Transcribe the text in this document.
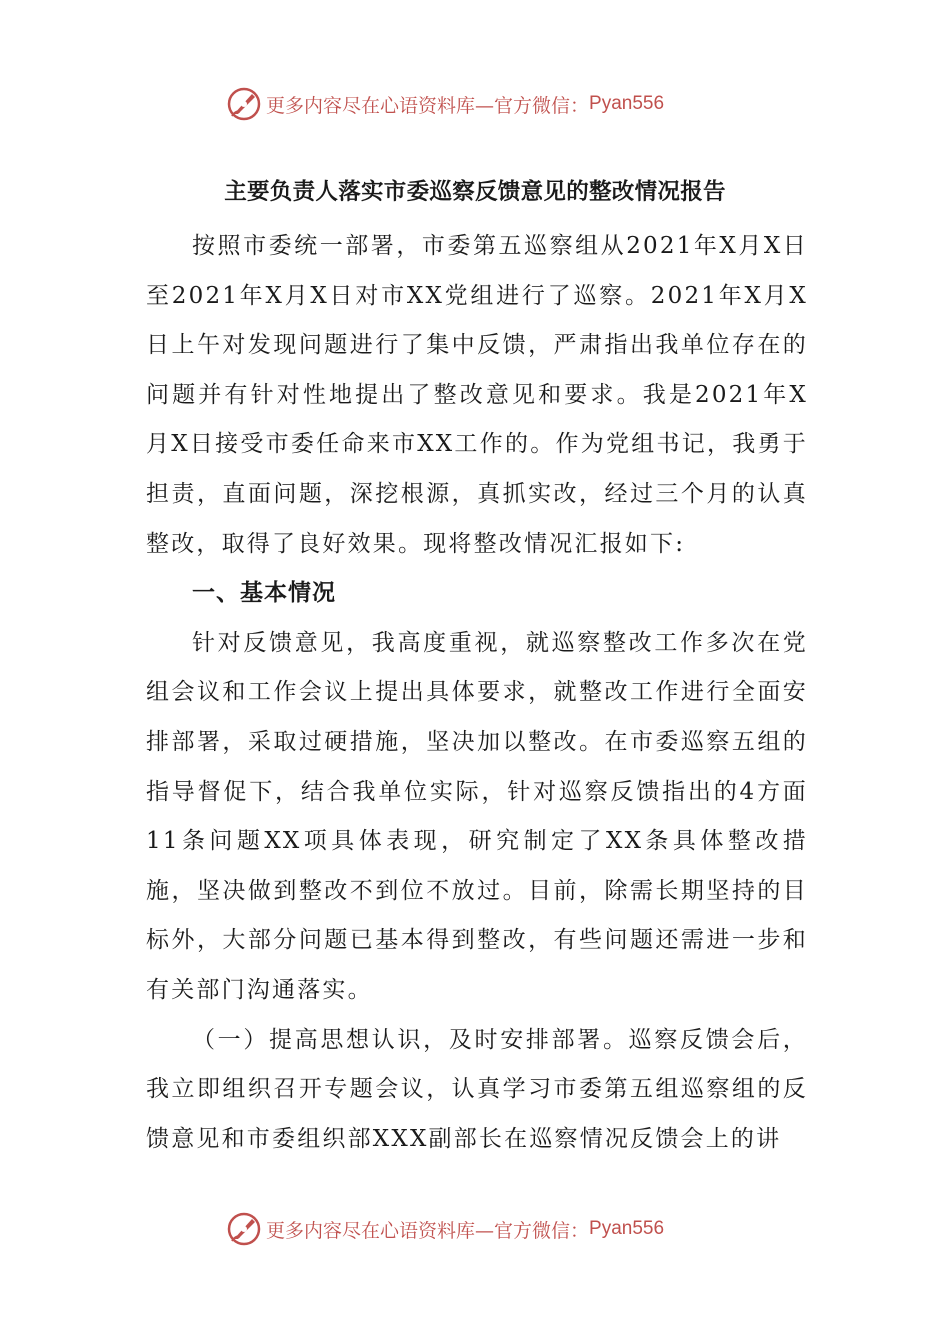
更多内容尽在心语资料库—官方微信： Pyan556
主要负责人落实市委巡察反馈意见的整改情况报告

按照市委统一部署，市委第五巡察组从2021年X月X日至2021年X月X日对市XX党组进行了巡察。2021年X月X日上午对发现问题进行了集中反馈，严肃指出我单位存在的问题并有针对性地提出了整改意见和要求。我是2021年X月X日接受市委任命来市XX工作的。作为党组书记，我勇于担责，直面问题，深挖根源，真抓实改，经过三个月的认真整改，取得了良好效果。现将整改情况汇报如下:

一、基本情况

针对反馈意见，我高度重视，就巡察整改工作多次在党组会议和工作会议上提出具体要求，就整改工作进行全面安排部署，采取过硬措施，坚决加以整改。在市委巡察五组的指导督促下，结合我单位实际，针对巡察反馈指出的4方面11条问题XX项具体表现，研究制定了XX条具体整改措施，坚决做到整改不到位不放过。目前，除需长期坚持的目标外，大部分问题已基本得到整改，有些问题还需进一步和有关部门沟通落实。

（一）提高思想认识，及时安排部署。巡察反馈会后，我立即组织召开专题会议，认真学习市委第五组巡察组的反馈意见和市委组织部XXX副部长在巡察情况反馈会上的讲

更多内容尽在心语资料库—官方微信： Pyan556
